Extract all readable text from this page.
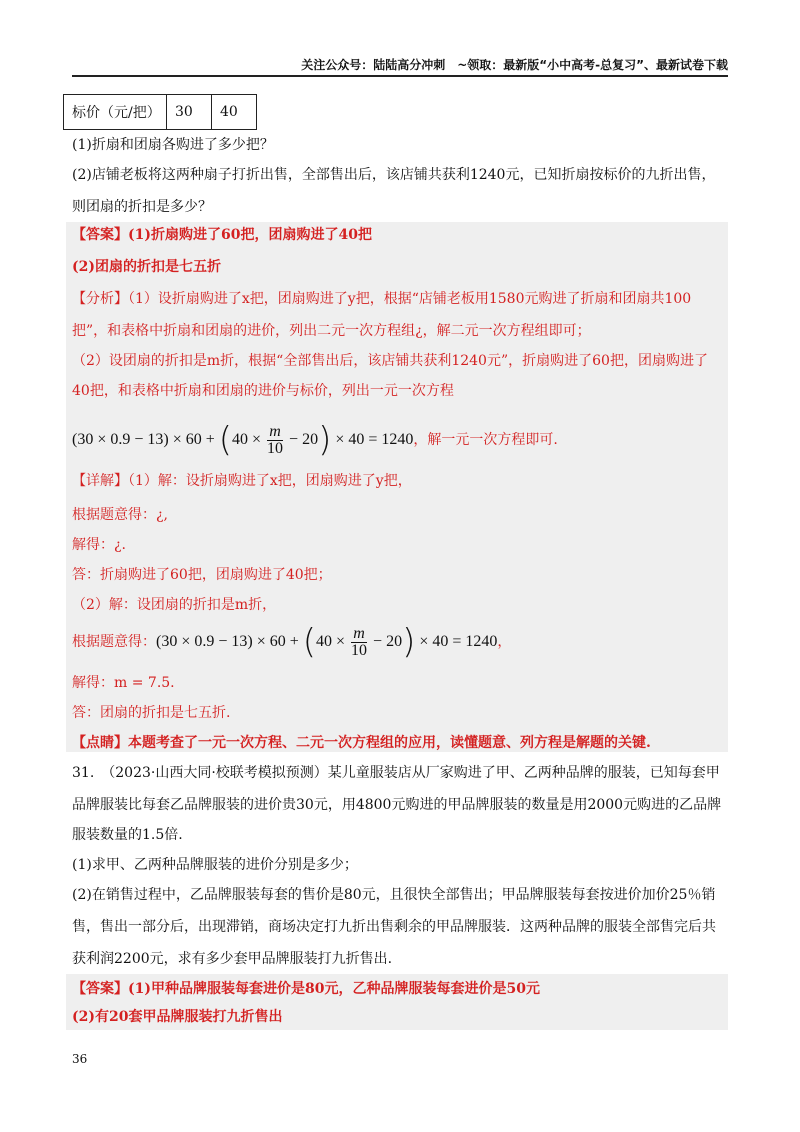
关注公众号：陆陆高分冲刺　~领取：最新版“小中高考-总复习”、最新试卷下载
标价（元/把）	30	40
(1)折扇和团扇各购进了多少把？
(2)店铺老板将这两种扇子打折出售，全部售出后，该店铺共获利1240元，已知折扇按标价的九折出售，
则团扇的折扣是多少？
【答案】(1)折扇购进了60把，团扇购进了40把
(2)团扇的折扣是七五折
【分析】（1）设折扇购进了x把，团扇购进了y把，根据“店铺老板用1580元购进了折扇和团扇共100
把”，和表格中折扇和团扇的进价，列出二元一次方程组¿，解二元一次方程组即可；
（2）设团扇的折扣是m折，根据“全部售出后，该店铺共获利1240元”，折扇购进了60把，团扇购进了
40把，和表格中折扇和团扇的进价与标价，列出一元一次方程
$(30 \times 0.9 - 13) \times 60 + (40 \times \frac{m}{10} - 20) \times 40 = 1240$，解一元一次方程即可.
【详解】（1）解：设折扇购进了x把，团扇购进了y把，
根据题意得：¿,
解得：¿.
答：折扇购进了60把，团扇购进了40把；
（2）解：设团扇的折扣是m折，
根据题意得：$(30 \times 0.9 - 13) \times 60 + (40 \times \frac{m}{10} - 20) \times 40 = 1240$，
解得：m = 7.5.
答：团扇的折扣是七五折.
【点睛】本题考查了一元一次方程、二元一次方程组的应用，读懂题意、列方程是解题的关键.
31.　（2023·山西大同·校联考模拟预测）某儿童服装店从厂家购进了甲、乙两种品牌的服装，已知每套甲
品牌服装比每套乙品牌服装的进价贵30元，用4800元购进的甲品牌服装的数量是用2000元购进的乙品牌
服装数量的1.5倍.
(1)求甲、乙两种品牌服装的进价分别是多少；
(2)在销售过程中，乙品牌服装每套的售价是80元，且很快全部售出；甲品牌服装每套按进价加价25％销
售，售出一部分后，出现滞销，商场决定打九折出售剩余的甲品牌服装．这两种品牌的服装全部售完后共
获利润2200元，求有多少套甲品牌服装打九折售出.
【答案】(1)甲种品牌服装每套进价是80元，乙种品牌服装每套进价是50元
(2)有20套甲品牌服装打九折售出
36
